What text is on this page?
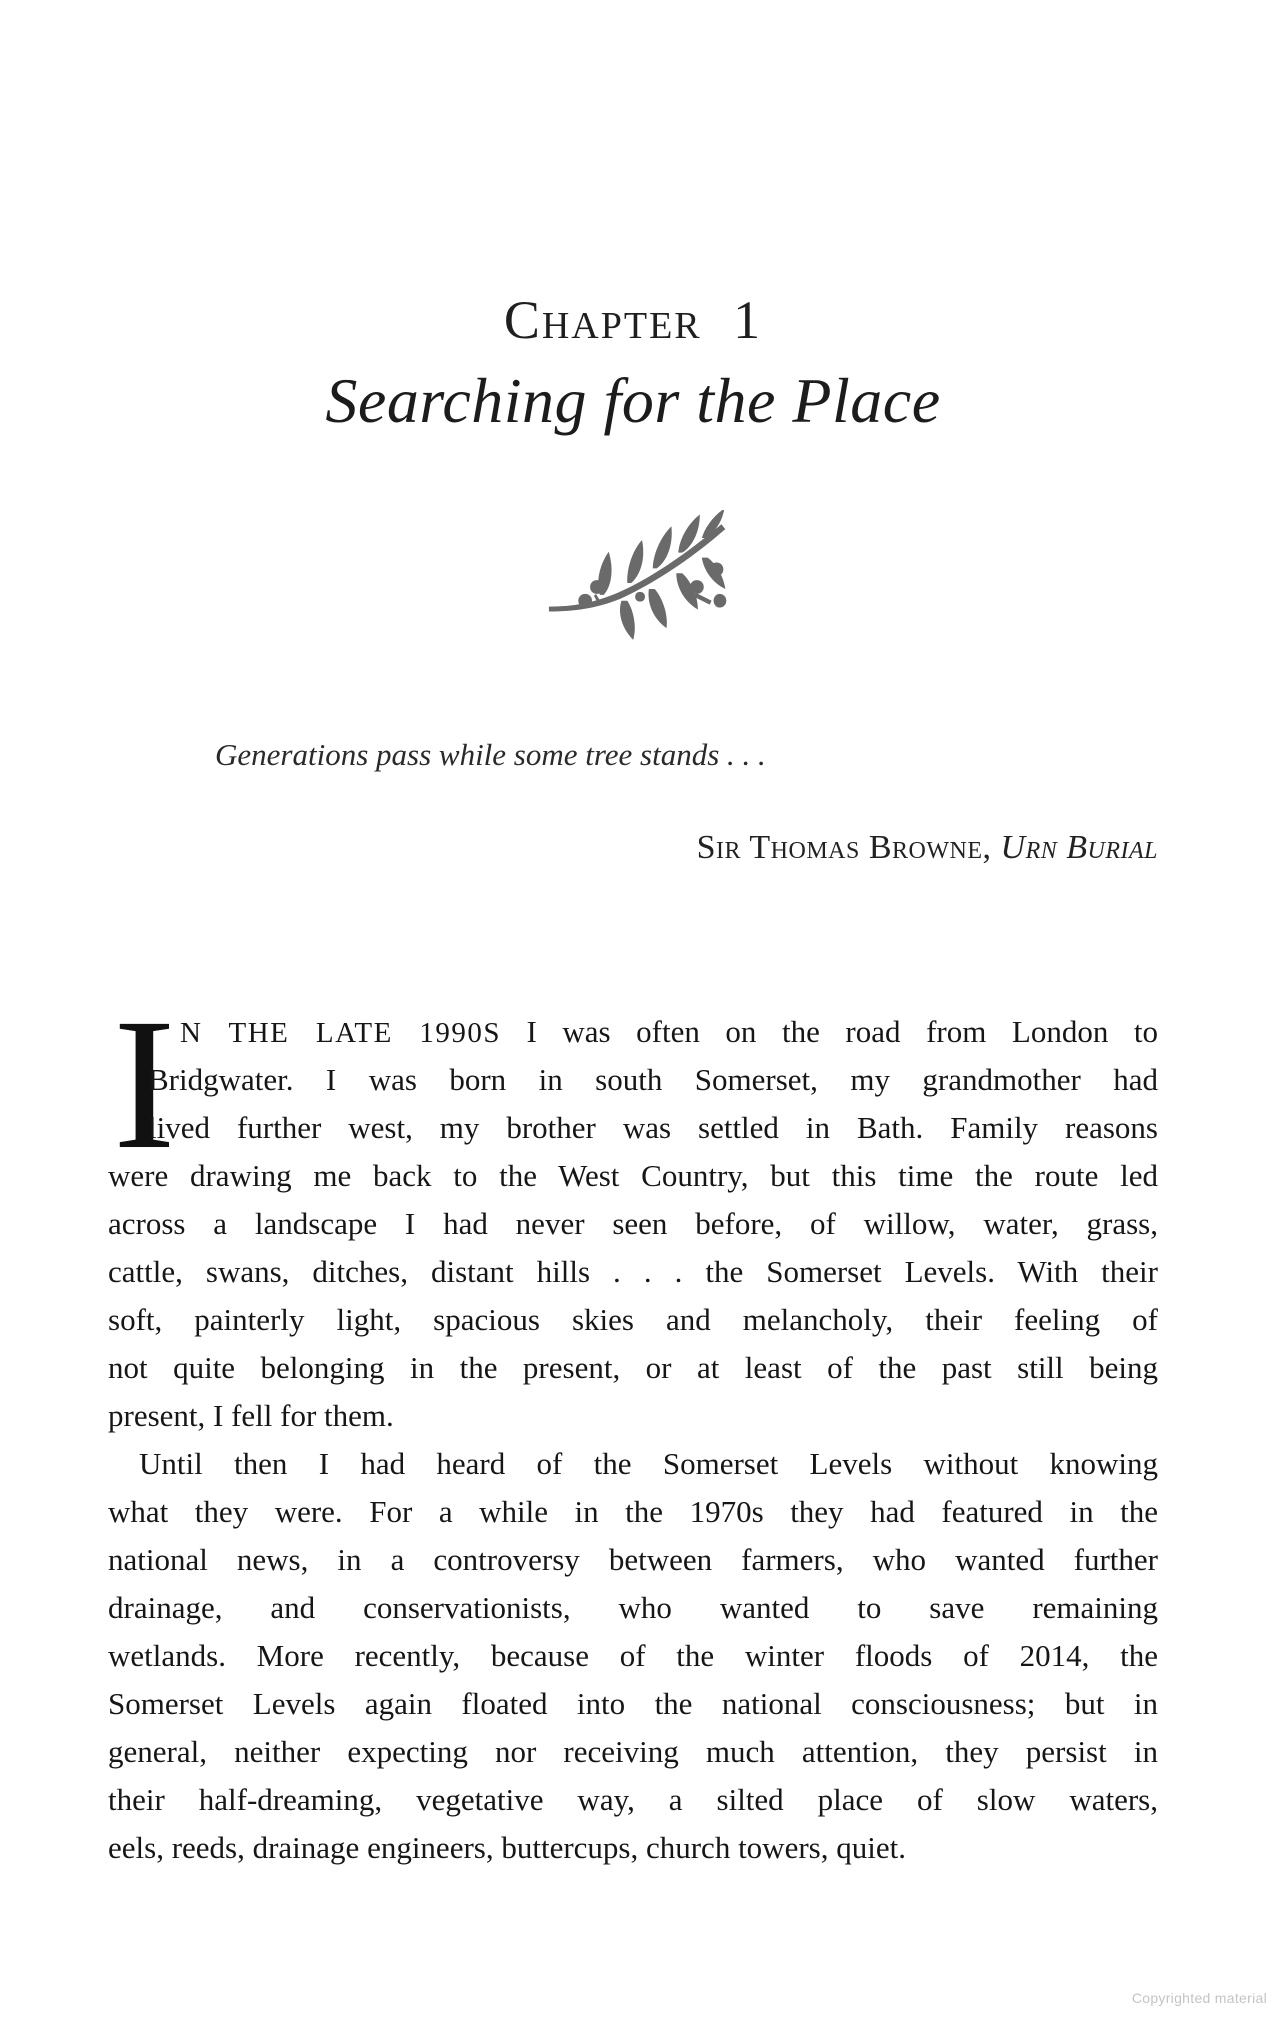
Chapter 1
Searching for the Place
Generations pass while some tree stands . . .
Sir Thomas Browne, Urn Burial
I N THE LATE 1990S I was often on the road from London to
Bridgwater. I was born in south Somerset, my grandmother had
lived further west, my brother was settled in Bath. Family reasons
were drawing me back to the West Country, but this time the route led
across a landscape I had never seen before, of willow, water, grass,
cattle, swans, ditches, distant hills . . . the Somerset Levels. With their
soft, painterly light, spacious skies and melancholy, their feeling of
not quite belonging in the present, or at least of the past still being
present, I fell for them.
Until then I had heard of the Somerset Levels without knowing
what they were. For a while in the 1970s they had featured in the
national news, in a controversy between farmers, who wanted further
drainage, and conservationists, who wanted to save remaining
wetlands. More recently, because of the winter floods of 2014, the
Somerset Levels again floated into the national consciousness; but in
general, neither expecting nor receiving much attention, they persist in
their half-dreaming, vegetative way, a silted place of slow waters,
eels, reeds, drainage engineers, buttercups, church towers, quiet.
Copyrighted material
